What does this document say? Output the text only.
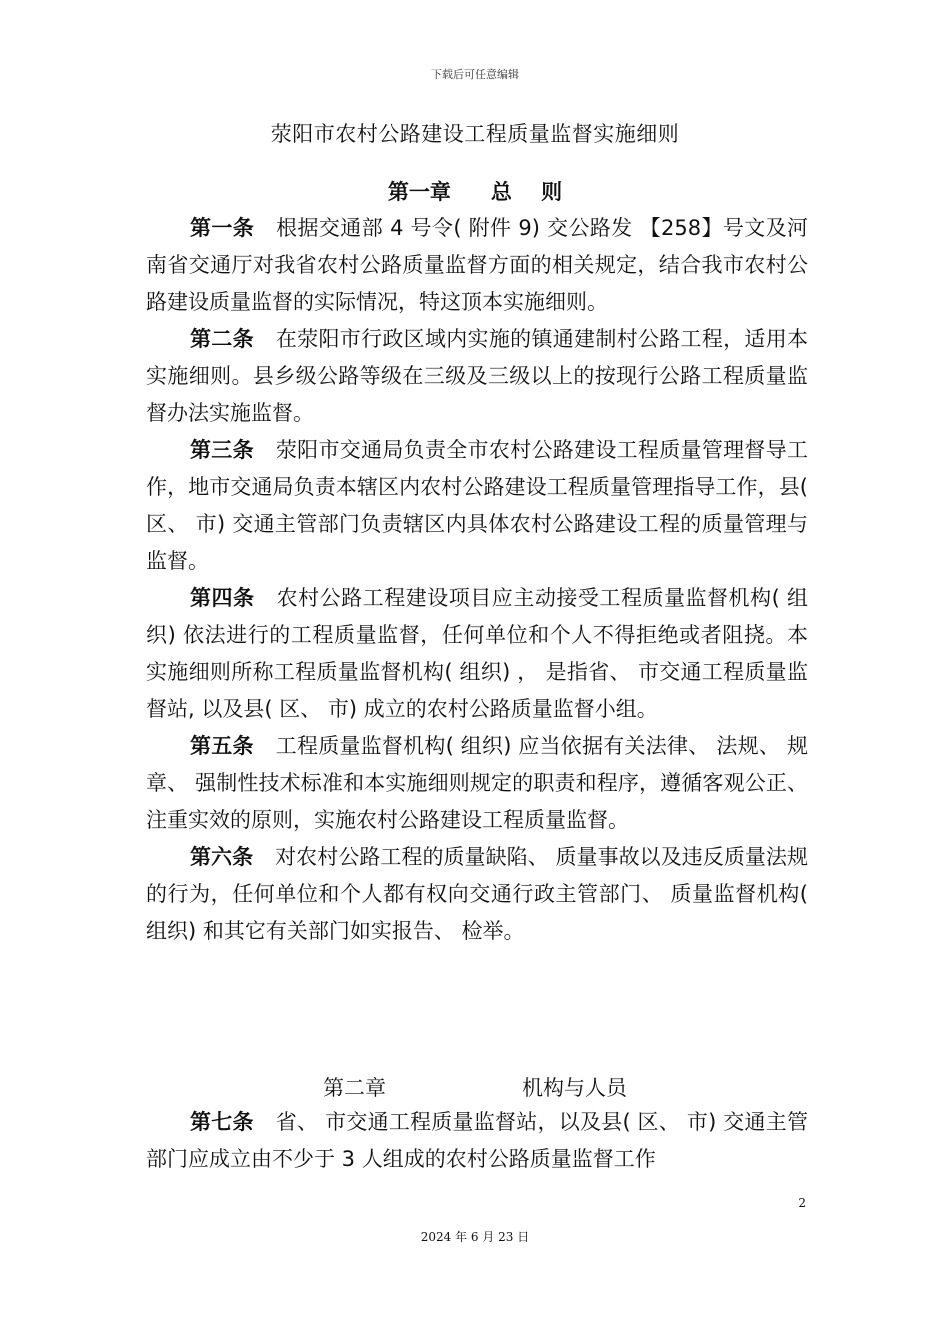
下载后可任意编辑
荥阳市农村公路建设工程质量监督实施细则
第一章 总    则

第一条 根据交通部 4 号令( 附件 9) 交公路发 【258】号文及河南省交通厅对我省农村公路质量监督方面的相关规定，结合我市农村公路建设质量监督的实际情况，特这顶本实施细则。

第二条 在荥阳市行政区域内实施的镇通建制村公路工程，适用本实施细则。县乡级公路等级在三级及三级以上的按现行公路工程质量监督办法实施监督。

第三条 荥阳市交通局负责全市农村公路建设工程质量管理督导工作，地市交通局负责本辖区内农村公路建设工程质量管理指导工作，县( 区、 市) 交通主管部门负责辖区内具体农村公路建设工程的质量管理与监督。

第四条 农村公路工程建设项目应主动接受工程质量监督机构( 组织) 依法进行的工程质量监督，任何单位和个人不得拒绝或者阻挠。本实施细则所称工程质量监督机构( 组织) ， 是指省、 市交通工程质量监督站, 以及县( 区、 市) 成立的农村公路质量监督小组。

第五条 工程质量监督机构( 组织) 应当依据有关法律、 法规、 规章、 强制性技术标准和本实施细则规定的职责和程序，遵循客观公正、 注重实效的原则，实施农村公路建设工程质量监督。

第六条 对农村公路工程的质量缺陷、 质量事故以及违反质量法规的行为，任何单位和个人都有权向交通行政主管部门、 质量监督机构( 组织) 和其它有关部门如实报告、 检举。

第二章	机构与人员

第七条 省、 市交通工程质量监督站，以及县( 区、 市) 交通主管部门应成立由不少于 3 人组成的农村公路质量监督工作

2
2024 年 6 月 23 日
